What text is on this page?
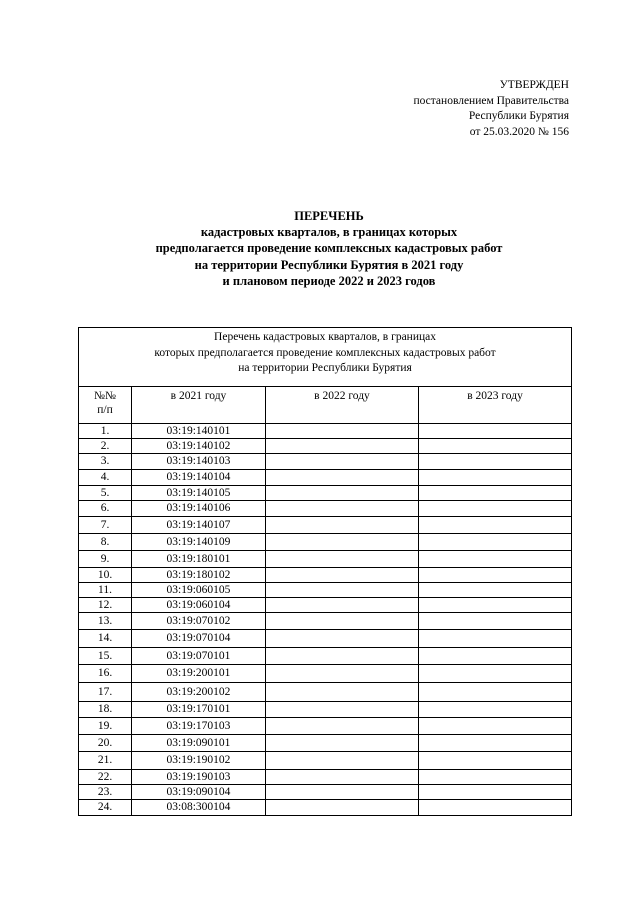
УТВЕРЖДЕН
постановлением Правительства
Республики Бурятия
от 25.03.2020 № 156
ПЕРЕЧЕНЬ
кадастровых кварталов, в границах которых
предполагается проведение комплексных кадастровых работ
на территории Республики Бурятия в 2021 году
и плановом периоде 2022 и 2023 годов
Перечень кадастровых кварталов, в границах
которых предполагается проведение комплексных кадастровых работ
на территории Республики Бурятия			

№№
п/п	в 2021 году	в 2022 году	в 2023 году
1.	03:19:140101		
2.	03:19:140102		
3.	03:19:140103		
4.	03:19:140104		
5.	03:19:140105		
6.	03:19:140106		
7.	03:19:140107		
8.	03:19:140109		
9.	03:19:180101		
10.	03:19:180102		
11.	03:19:060105		
12.	03:19:060104		
13.	03:19:070102		
14.	03:19:070104		
15.	03:19:070101		
16.	03:19:200101		
17.	03:19:200102		
18.	03:19:170101		
19.	03:19:170103		
20.	03:19:090101		
21.	03:19:190102		
22.	03:19:190103		
23.	03:19:090104		
24.	03:08:300104		
